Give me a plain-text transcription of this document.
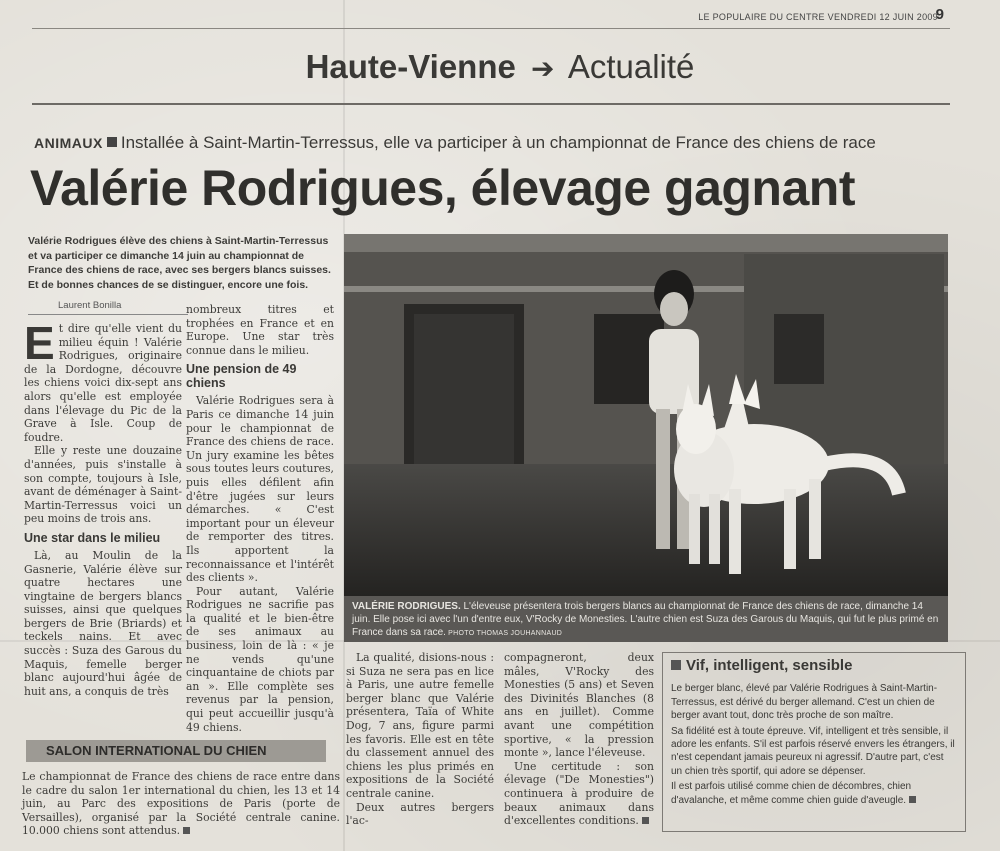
LE POPULAIRE DU CENTRE VENDREDI 12 JUIN 2009
9
Haute-Vienne ➔ Actualité
ANIMAUX Installée à Saint-Martin-Terressus, elle va participer à un championnat de France des chiens de race
Valérie Rodrigues, élevage gagnant
Valérie Rodrigues élève des chiens à Saint-Martin-Terressus et va participer ce dimanche 14 juin au championnat de France des chiens de race, avec ses bergers blancs suisses. Et de bonnes chances de se distinguer, encore une fois.
Laurent Bonilla

Et dire qu'elle vient du milieu équin ! Valérie Rodrigues, originaire de la Dordogne, découvre les chiens voici dix-sept ans alors qu'elle est employée dans l'élevage du Pic de la Grave à Isle. Coup de foudre.

Elle y reste une douzaine d'années, puis s'installe à son compte, toujours à Isle, avant de déménager à Saint-Martin-Terressus voici un peu moins de trois ans.

Une star dans le milieu

Là, au Moulin de la Gasnerie, Valérie élève sur quatre hectares une vingtaine de bergers blancs suisses, ainsi que quelques bergers de Brie (Briards) et teckels nains. Et avec succès : Suza des Garous du Maquis, femelle berger blanc aujourd'hui âgée de huit ans, a conquis de très

nombreux titres et trophées en France et en Europe. Une star très connue dans le milieu.

Une pension de 49 chiens

Valérie Rodrigues sera à Paris ce dimanche 14 juin pour le championnat de France des chiens de race. Un jury examine les bêtes sous toutes leurs coutures, puis elles défilent afin d'être jugées sur leurs démarches. « C'est important pour un éleveur de remporter des titres. Ils apportent la reconnaissance et l'intérêt des clients ».

Pour autant, Valérie Rodrigues ne sacrifie pas la qualité et le bien-être de ses animaux au business, loin de là : « je ne vends qu'une cinquantaine de chiots par an ». Elle complète ses revenus par la pension, qui peut accueillir jusqu'à 49 chiens.

VALÉRIE RODRIGUES. L'éleveuse présentera trois bergers blancs au championnat de France des chiens de race, dimanche 14 juin. Elle pose ici avec l'un d'entre eux, V'Rocky de Monesties. L'autre chien est Suza des Garous du Maquis, qui fut le plus primé en France dans sa race. PHOTO THOMAS JOUHANNAUD
SALON INTERNATIONAL DU CHIEN
Le championnat de France des chiens de race entre dans le cadre du salon 1er international du chien, les 13 et 14 juin, au Parc des expositions de Paris (porte de Versailles), organisé par la Société centrale canine. 10.000 chiens sont attendus.

La qualité, disions-nous : si Suza ne sera pas en lice à Paris, une autre femelle berger blanc que Valérie présentera, Taïa of White Dog, 7 ans, figure parmi les favoris. Elle est en tête du classement annuel des chiens les plus primés en expositions de la Société centrale canine.

Deux autres bergers l'ac-

compagneront, deux mâles, V'Rocky des Monesties (5 ans) et Seven des Divinités Blanches (8 ans en juillet). Comme avant une compétition sportive, « la pression monte », lance l'éleveuse.

Une certitude : son élevage ("De Monesties") continuera à produire de beaux animaux dans d'excellentes conditions.

Vif, intelligent, sensible

Le berger blanc, élevé par Valérie Rodrigues à Saint-Martin-Terressus, est dérivé du berger allemand. C'est un chien de berger avant tout, donc très proche de son maître.

Sa fidélité est à toute épreuve. Vif, intelligent et très sensible, il adore les enfants. S'il est parfois réservé envers les étrangers, il n'est cependant jamais peureux ni agressif. D'autre part, c'est un chien très sportif, qui adore se dépenser.

Il est parfois utilisé comme chien de décombres, chien d'avalanche, et même comme chien guide d'aveugle.
